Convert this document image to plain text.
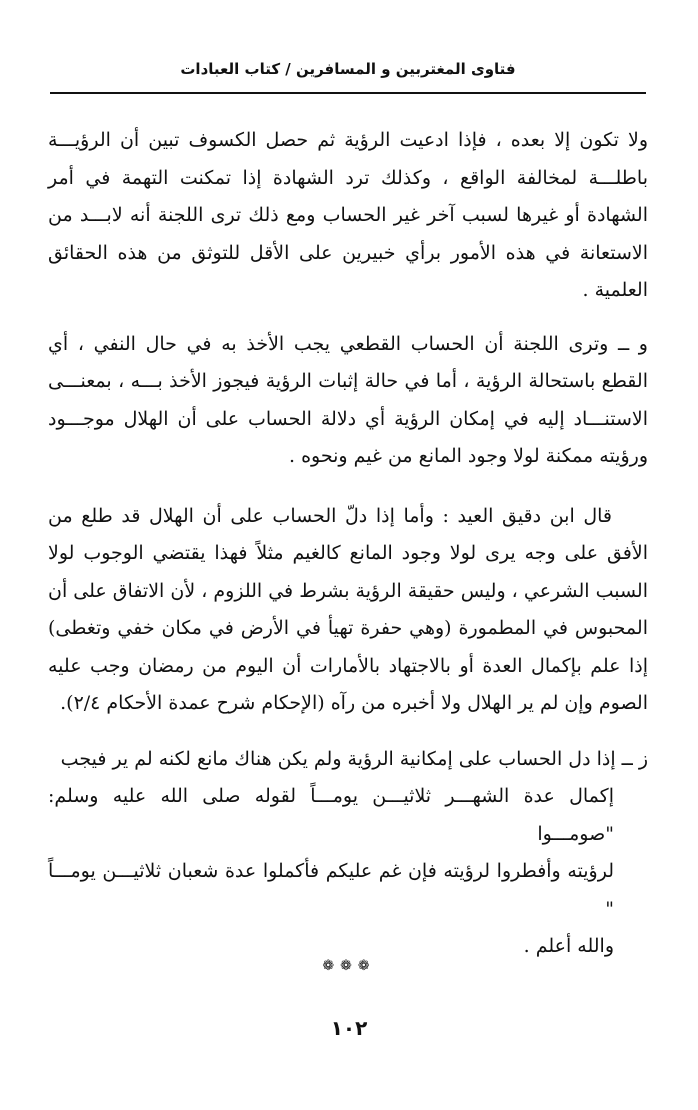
فتاوى المغتربين و المسافرين / كتاب العبادات

ولا تكون إلا بعده ، فإذا ادعيت الرؤية ثم حصل الكسوف تبين أن الرؤيـــة باطلـــة لمخالفة الواقع ، وكذلك ترد الشهادة إذا تمكنت التهمة في أمر الشهادة أو غيرها لسبب آخر غير الحساب ومع ذلك ترى اللجنة أنه لابـــد من الاستعانة في هذه الأمور برأي خبيرين على الأقل للتوثق من هذه الحقائق العلمية .

و ــ وترى اللجنة أن الحساب القطعي يجب الأخذ به في حال النفي ، أي القطع باستحالة الرؤية ، أما في حالة إثبات الرؤية فيجوز الأخذ بـــه ، بمعنـــى الاستنـــاد إليه في إمكان الرؤية أي دلالة الحساب على أن الهلال موجـــود ورؤيته ممكنة لولا وجود المانع من غيم ونحوه .

قال ابن دقيق العيد : وأما إذا دلّ الحساب على أن الهلال قد طلع من الأفق على وجه يرى لولا وجود المانع كالغيم مثلاً فهذا يقتضي الوجوب لولا السبب الشرعي ، وليس حقيقة الرؤية بشرط في اللزوم ، لأن الاتفاق على أن المحبوس في المطمورة (وهي حفرة تهيأ في الأرض في مكان خفي وتغطى) إذا علم بإكمال العدة أو بالاجتهاد بالأمارات أن اليوم من رمضان وجب عليه الصوم وإن لم ير الهلال ولا أخبره من رآه (الإحكام شرح عمدة الأحكام ٢/٤).

ز ــ إذا دل الحساب على إمكانية الرؤية ولم يكن هناك مانع لكنه لم ير فيجب
إكمال عدة الشهـــر ثلاثيـــن يومـــاً لقوله صلى الله عليه وسلم: "صومـــوا
لرؤيته وأفطروا لرؤيته فإن غم عليكم فأكملوا عدة شعبان ثلاثيـــن يومـــاً "
والله أعلم .

❁❁❁
١٠٢
